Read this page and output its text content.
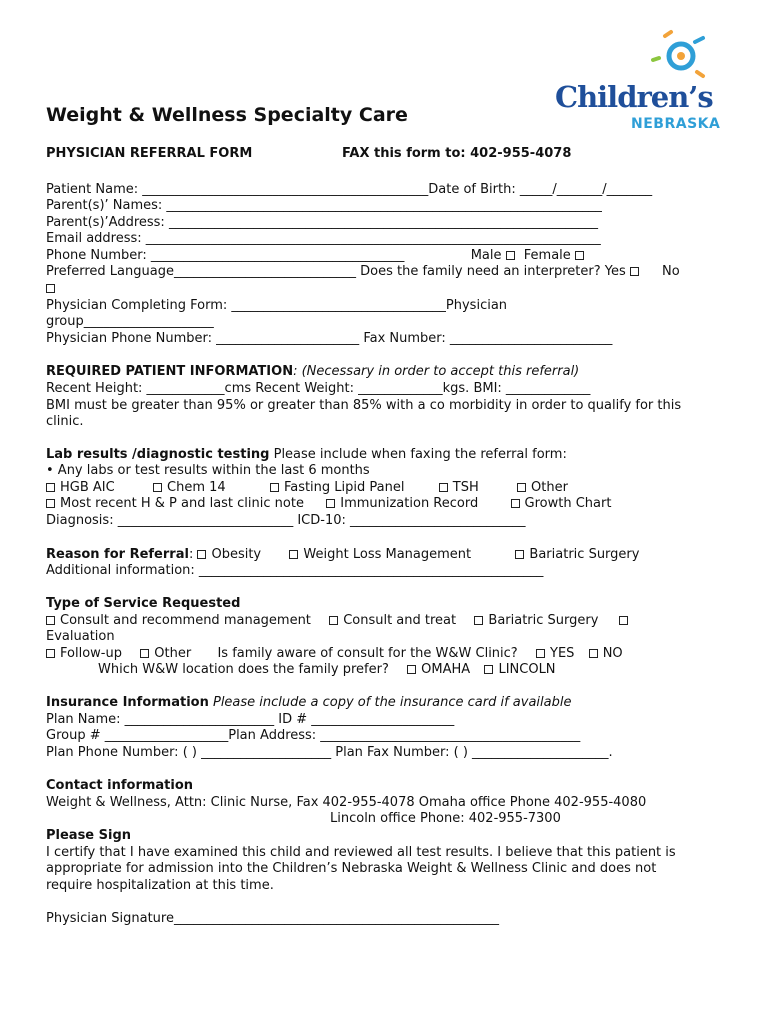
Children’s
NEBRASKA
Weight & Wellness Specialty Care
PHYSICIAN REFERRAL FORM	FAX this form to: 402-955-4078
Patient Name: ____________________________________________Date of Birth: _____/_______/_______
Parent(s)’ Names: ___________________________________________________________________
Parent(s)’Address: __________________________________________________________________
Email address: ______________________________________________________________________
Phone Number: _______________________________________	Male Female
Preferred Language____________________________ Does the family need an interpreter? Yes	No
Physician Completing Form: _________________________________Physician
group____________________
Physician Phone Number: ______________________ Fax Number: _________________________
REQUIRED PATIENT INFORMATION: (Necessary in order to accept this referral)
Recent Height: ____________cms Recent Weight: _____________kgs. BMI: _____________
BMI must be greater than 95% or greater than 85% with a co morbidity in order to qualify for this
clinic.
Lab results /diagnostic testing Please include when faxing the referral form:
• Any labs or test results within the last 6 months
HGB AIC	Chem 14	Fasting Lipid Panel	TSH	Other
Most recent H & P and last clinic note	Immunization Record	Growth Chart
Diagnosis: ___________________________ ICD-10: ___________________________
Reason for Referral: Obesity	Weight Loss Management	Bariatric Surgery
Additional information: _____________________________________________________
Type of Service Requested
Consult and recommend management Consult and treat Bariatric Surgery
Evaluation
Follow-up Other Is family aware of consult for the W&W Clinic? YES NO
Which W&W location does the family prefer? OMAHA LINCOLN
Insurance Information Please include a copy of the insurance card if available
Plan Name: _______________________ ID # ______________________
Group # ___________________Plan Address: ________________________________________
Plan Phone Number: ( ) ____________________ Plan Fax Number: ( ) _____________________.
Contact information
Weight & Wellness, Attn: Clinic Nurse, Fax 402-955-4078 Omaha office Phone 402-955-4080
Lincoln office Phone: 402-955-7300
Please Sign
I certify that I have examined this child and reviewed all test results. I believe that this patient is
appropriate for admission into the Children’s Nebraska Weight & Wellness Clinic and does not
require hospitalization at this time.
Physician Signature__________________________________________________
